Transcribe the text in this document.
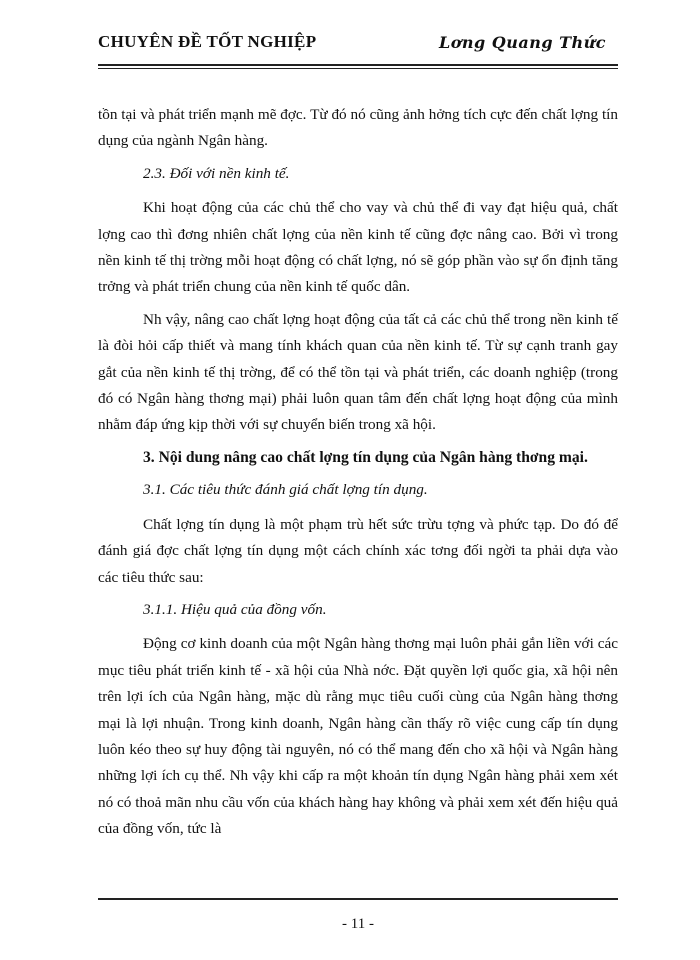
CHUYÊN ĐỀ TỐT NGHIỆP	Lơng Quang Thức

tồn tại và phát triển mạnh mẽ đợc. Từ đó nó cũng ảnh hởng tích cực đến chất lợng tín dụng của ngành Ngân hàng.

2.3. Đối với nền kinh tế.

Khi hoạt động của các chủ thể cho vay và chủ thể đi vay đạt hiệu quả, chất lợng cao thì đơng nhiên chất lợng của nền kinh tế cũng đợc nâng cao. Bởi vì trong nền kinh tế thị trờng mỗi hoạt động có chất lợng, nó sẽ góp phần vào sự ổn định tăng trởng và phát triển chung của nền kinh tế quốc dân.

Nh vậy, nâng cao chất lợng hoạt động của tất cả các chủ thể trong nền kinh tế là đòi hỏi cấp thiết và mang tính khách quan của nền kinh tế. Từ sự cạnh tranh gay gắt của nền kinh tế thị trờng, để có thể tồn tại và phát triển, các doanh nghiệp (trong đó có Ngân hàng thơng mại) phải luôn quan tâm đến chất lợng hoạt động của mình nhằm đáp ứng kịp thời với sự chuyển biến trong xã hội.

3. Nội dung nâng cao chất lợng tín dụng của Ngân hàng thơng mại.

3.1. Các tiêu thức đánh giá chất lợng tín dụng.

Chất lợng tín dụng là một phạm trù hết sức trừu tợng và phức tạp. Do đó để đánh giá đợc chất lợng tín dụng một cách chính xác tơng đối ngời ta phải dựa vào các tiêu thức sau:

3.1.1. Hiệu quả của đồng vốn.

Động cơ kinh doanh của một Ngân hàng thơng mại luôn phải gắn liền với các mục tiêu phát triển kinh tế - xã hội của Nhà nớc. Đặt quyền lợi quốc gia, xã hội nên trên lợi ích của Ngân hàng, mặc dù rằng mục tiêu cuối cùng của Ngân hàng thơng mại là lợi nhuận. Trong kinh doanh, Ngân hàng cần thấy rõ việc cung cấp tín dụng luôn kéo theo sự huy động tài nguyên, nó có thể mang đến cho xã hội và Ngân hàng những lợi ích cụ thể. Nh vậy khi cấp ra một khoản tín dụng Ngân hàng phải xem xét nó có thoả mãn nhu cầu vốn của khách hàng hay không và phải xem xét đến hiệu quả của đồng vốn, tức là

- 11 -
